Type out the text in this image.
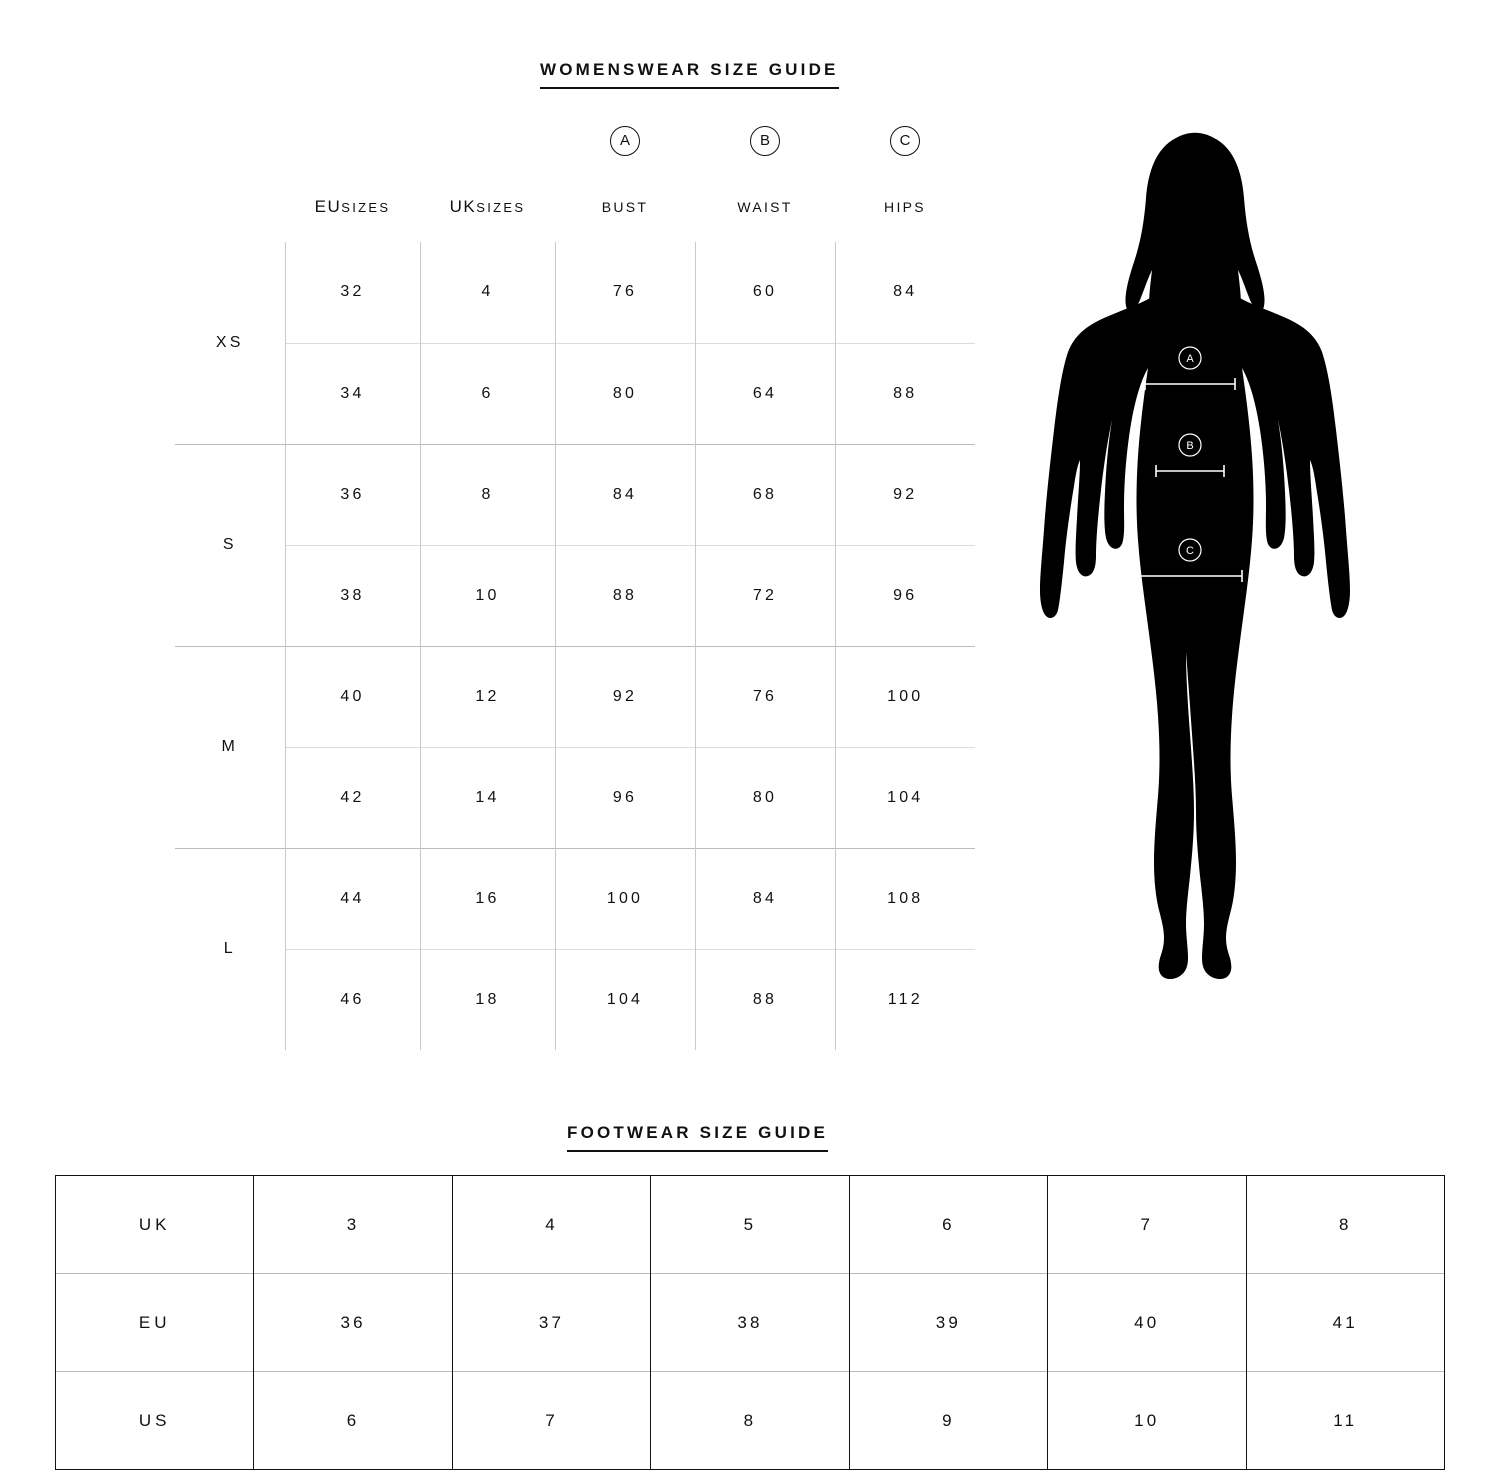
WOMENSWEAR SIZE GUIDE
			A	B	C
	EUSIZES	UKSIZES	BUST	WAIST	HIPS
XS	32	4	76	60	84
	34	6	80	64	88
S	36	8	84	68	92
	38	10	88	72	96
M	40	12	92	76	100
	42	14	96	80	104
L	44	16	100	84	108
	46	18	104	88	112
A
B
C
FOOTWEAR SIZE GUIDE
UK	3	4	5	6	7	8
EU	36	37	38	39	40	41
US	6	7	8	9	10	11
